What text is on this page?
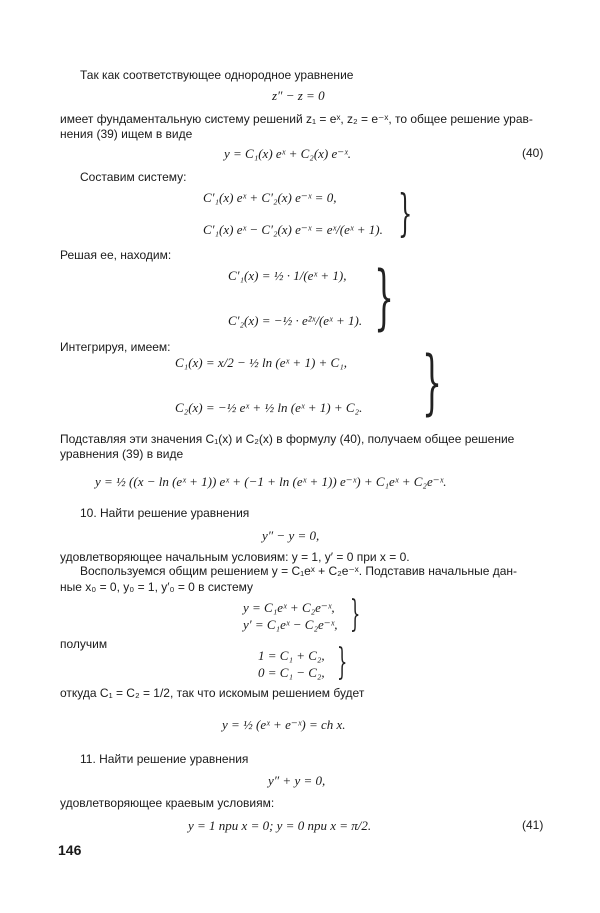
Так как соответствующее однородное уравнение
z″ − z = 0
имеет фундаментальную систему решений z₁ = eˣ, z₂ = e⁻ˣ, то общее решение урав-
нения (39) ищем в виде
y = C₁(x) eˣ + C₂(x) e⁻ˣ.
Составим систему:
C′₁(x) eˣ + C′₂(x) e⁻ˣ = 0,
C′₁(x) eˣ − C′₂(x) e⁻ˣ = eˣ/(eˣ + 1).
Решая ее, находим:
C′₁(x) = ½ · 1/(eˣ + 1),
C′₂(x) = −½ · e²ˣ/(eˣ + 1).
Интегрируя, имеем:
C₁(x) = x/2 − ½ ln (eˣ + 1) + C₁,
C₂(x) = −½ eˣ + ½ ln (eˣ + 1) + C₂.
Подставляя эти значения C₁(x) и C₂(x) в формулу (40), получаем общее решение
уравнения (39) в виде
y = ½ ((x − ln (eˣ + 1)) eˣ + (−1 + ln (eˣ + 1)) e⁻ˣ) + C₁eˣ + C₂e⁻ˣ.
10. Найти решение уравнения
y″ − y = 0,
удовлетворяющее начальным условиям: y = 1, y′ = 0 при x = 0.
Воспользуемся общим решением y = C₁eˣ + C₂e⁻ˣ. Подставив начальные дан-
ные x₀ = 0, y₀ = 1, y′₀ = 0 в систему
y = C₁eˣ + C₂e⁻ˣ,
y′ = C₁eˣ − C₂e⁻ˣ,
получим
1 = C₁ + C₂,
0 = C₁ − C₂,
откуда C₁ = C₂ = 1/2, так что искомым решением будет
y = ½ (eˣ + e⁻ˣ) = ch x.
11. Найти решение уравнения
y″ + y = 0,
удовлетворяющее краевым условиям:
y = 1 при x = 0; y = 0 при x = π/2.
(40)
(41)
}
}
}
}
}
146
